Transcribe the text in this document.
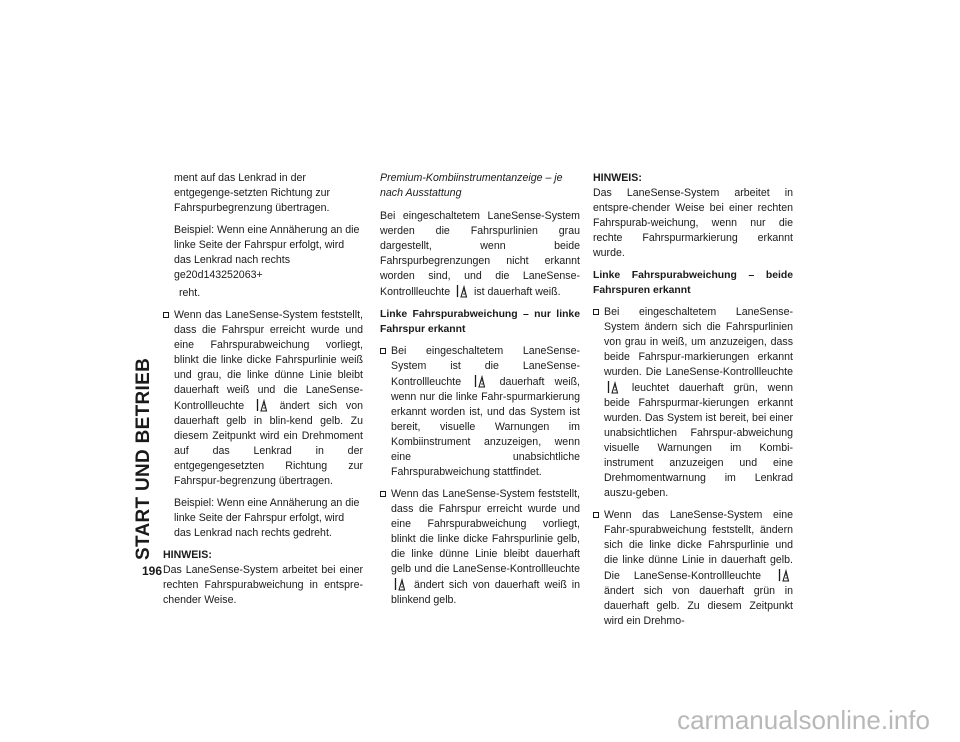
START UND BETRIEB
196

ment auf das Lenkrad in der entgegenge-setzten Richtung zur Fahrspurbegrenzung übertragen.

Beispiel: Wenn eine Annäherung an die linke Seite der Fahrspur erfolgt, wird das Lenkrad nach rechts ge20d143252063+

reht.

Wenn das LaneSense-System feststellt, dass die Fahrspur erreicht wurde und eine Fahrspurabweichung vorliegt, blinkt die linke dicke Fahrspurlinie weiß und grau, die linke dünne Linie bleibt dauerhaft weiß und die LaneSense-Kontrollleuchte	ändert sich von dauerhaft gelb in blin-kend gelb. Zu diesem Zeitpunkt wird ein Drehmoment auf das Lenkrad in der entgegengesetzten Richtung zur Fahrspur-begrenzung übertragen.

Beispiel: Wenn eine Annäherung an die linke Seite der Fahrspur erfolgt, wird das Lenkrad nach rechts gedreht.

HINWEIS:

Das LaneSense-System arbeitet bei einer rechten Fahrspurabweichung in entspre-chender Weise.

Premium-Kombiinstrumentanzeige – je nach Ausstattung

Bei eingeschaltetem LaneSense-System werden die Fahrspurlinien grau dargestellt, wenn beide Fahrspurbegrenzungen nicht erkannt worden sind, und die LaneSense-Kontrollleuchte ist dauerhaft weiß.

Linke Fahrspurabweichung – nur linke Fahrspur erkannt

Bei eingeschaltetem LaneSense-System ist die LaneSense-Kontrollleuchte	dauerhaft weiß, wenn nur die linke Fahr-spurmarkierung erkannt worden ist, und das System ist bereit, visuelle Warnungen im Kombiinstrument anzuzeigen, wenn eine unabsichtliche Fahrspurabweichung stattfindet.
Wenn das LaneSense-System feststellt, dass die Fahrspur erreicht wurde und eine Fahrspurabweichung vorliegt, blinkt die linke dicke Fahrspurlinie gelb, die linke dünne Linie bleibt dauerhaft gelb und die LaneSense-Kontrollleuchte  ändert sich von dauerhaft weiß in blinkend gelb.

HINWEIS:

Das LaneSense-System arbeitet in entspre-chender Weise bei einer rechten Fahrspurab-weichung, wenn nur die rechte Fahrspurmarkierung erkannt wurde.

Linke Fahrspurabweichung – beide Fahrspuren erkannt

Bei eingeschaltetem LaneSense-System ändern sich die Fahrspurlinien von grau in weiß, um anzuzeigen, dass beide Fahrspur-markierungen erkannt wurden. Die LaneSense-Kontrollleuchte  leuchtet dauerhaft grün, wenn beide Fahrspurmar-kierungen erkannt wurden. Das System ist bereit, bei einer unabsichtlichen Fahrspur-abweichung visuelle Warnungen im Kombi-instrument anzuzeigen und eine Drehmomentwarnung im Lenkrad auszu-geben.
Wenn das LaneSense-System eine Fahr-spurabweichung feststellt, ändern sich die linke dicke Fahrspurlinie und die linke dünne Linie in dauerhaft gelb. Die LaneSense-Kontrollleuchte  ändert sich von dauerhaft grün in dauerhaft gelb. Zu diesem Zeitpunkt wird ein Drehmo-
carmanualsonline.info
